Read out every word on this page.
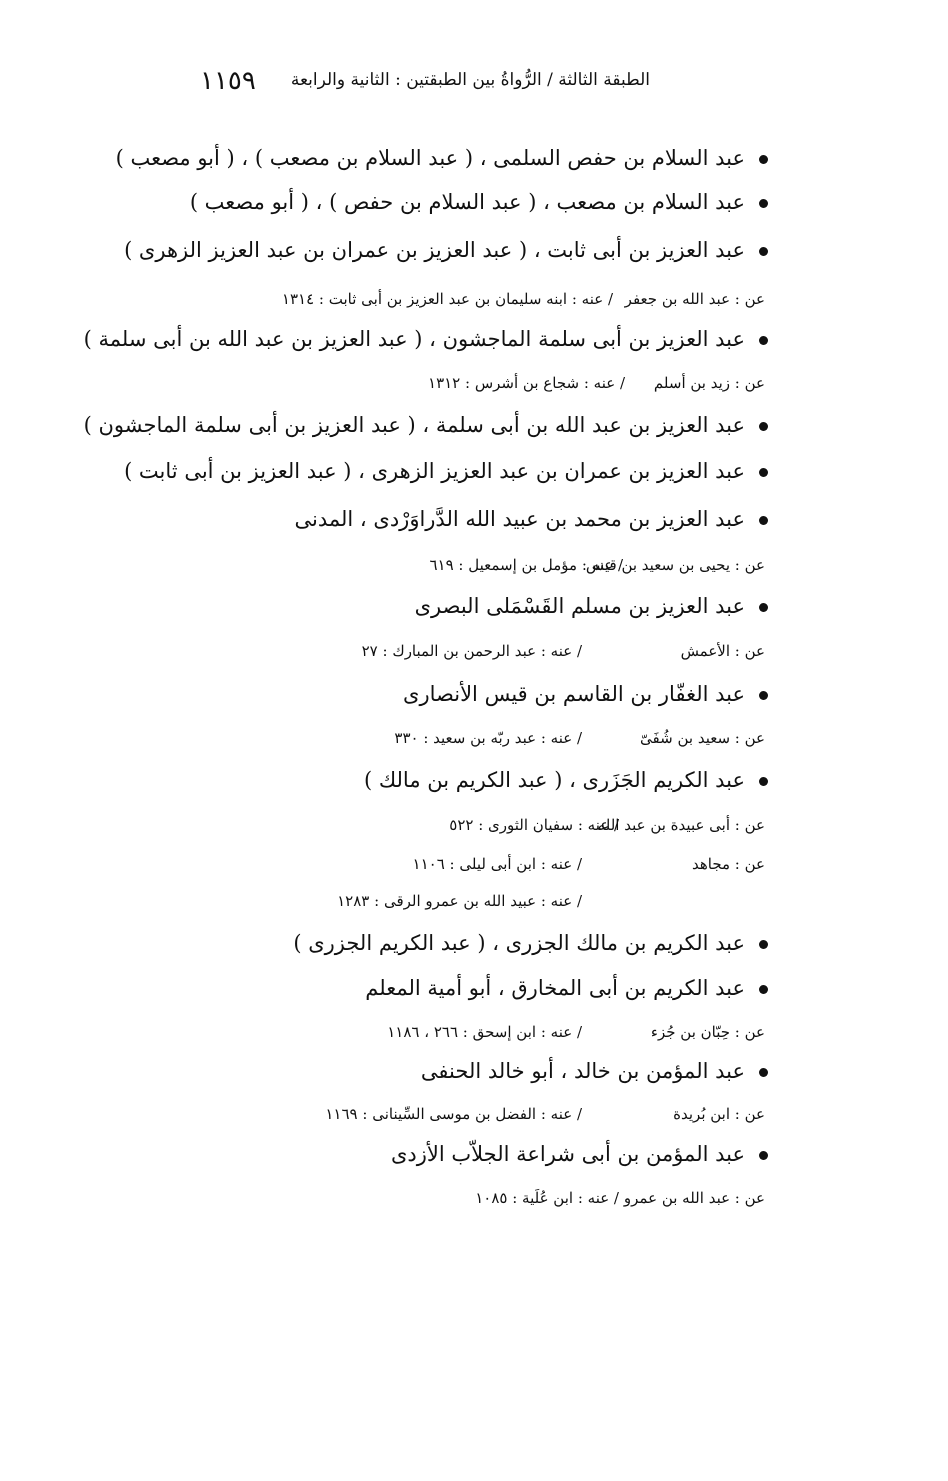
١١٥٩ الطبقة الثالثة / الرُّواةُ بين الطبقتين : الثانية والرابعة
عبد السلام بن حفص السلمى ، ( عبد السلام بن مصعب ) ، ( أبو مصعب )
عبد السلام بن مصعب ، ( عبد السلام بن حفص ) ، ( أبو مصعب )
عبد العزيز بن أبى ثابت ، ( عبد العزيز بن عمران بن عبد العزيز الزهرى )
عن : عبد الله بن جعفر
/ عنه : ابنه سليمان بن عبد العزيز بن أبى ثابت : ١٣١٤
عبد العزيز بن أبى سلمة الماجشون ، ( عبد العزيز بن عبد الله بن أبى سلمة )
عن : زيد بن أسلم
/ عنه : شجاع بن أشرس : ١٣١٢
عبد العزيز بن عبد الله بن أبى سلمة ، ( عبد العزيز بن أبى سلمة الماجشون )
عبد العزيز بن عمران بن عبد العزيز الزهرى ، ( عبد العزيز بن أبى ثابت )
عبد العزيز بن محمد بن عبيد الله الدَّراوَرْدى ، المدنى
عن : يحيى بن سعيد بن قيس
/ عنه : مؤمل بن إسمعيل : ٦١٩
عبد العزيز بن مسلم القَسْمَلى البصرى
عن : الأعمش
/ عنه : عبد الرحمن بن المبارك : ٢٧
عبد الغفّار بن القاسم بن قيس الأنصارى
عن : سعيد بن شُفَىّ
/ عنه : عبد ربّه بن سعيد : ٣٣٠
عبد الكريم الجَزَرى ، ( عبد الكريم بن مالك )
عن : أبى عبيدة بن عبد الله
/ عنه : سفيان الثورى : ٥٢٢
عن : مجاهد
/ عنه : ابن أبى ليلى : ١١٠٦
/ عنه : عبيد الله بن عمرو الرقى : ١٢٨٣
عبد الكريم بن مالك الجزرى ، ( عبد الكريم الجزرى )
عبد الكريم بن أبى المخارق ، أبو أمية المعلم
عن : حِبّان بن جُزء
/ عنه : ابن إسحق : ٢٦٦ ، ١١٨٦
عبد المؤمن بن خالد ، أبو خالد الحنفى
عن : ابن بُريدة
/ عنه : الفضل بن موسى السِّينانى : ١١٦٩
عبد المؤمن بن أبى شراعة الجلاّب الأزدى
عن : عبد الله بن عمرو
/ عنه : ابن عُلَية : ١٠٨٥
